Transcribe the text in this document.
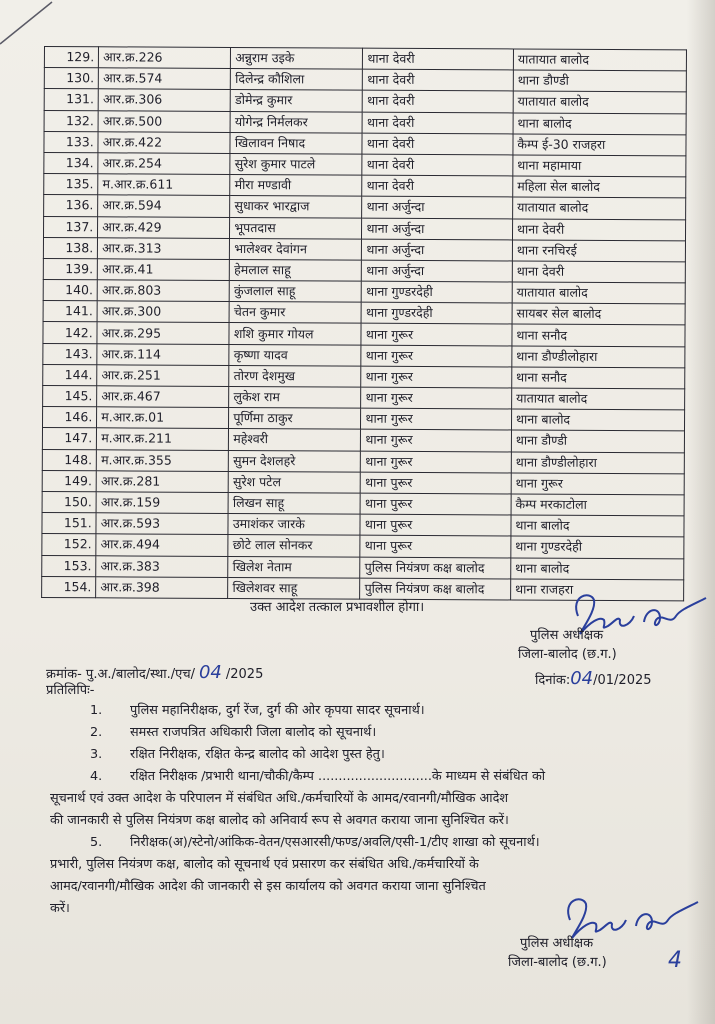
129.	आर.क्र.226	अन्नुराम उइके	थाना देवरी	यातायात बालोद
130.	आर.क्र.574	दिलेन्द्र कौशिला	थाना देवरी	थाना डौण्डी
131.	आर.क्र.306	डोमेन्द्र कुमार	थाना देवरी	यातायात बालोद
132.	आर.क्र.500	योगेन्द्र निर्मलकर	थाना देवरी	थाना बालोद
133.	आर.क्र.422	खिलावन निषाद	थाना देवरी	कैम्प ई-30 राजहरा
134.	आर.क्र.254	सुरेश कुमार पाटले	थाना देवरी	थाना महामाया
135.	म.आर.क्र.611	मीरा मण्डावी	थाना देवरी	महिला सेल बालोद
136.	आर.क्र.594	सुधाकर भारद्वाज	थाना अर्जुन्दा	यातायात बालोद
137.	आर.क्र.429	भूपतदास	थाना अर्जुन्दा	थाना देवरी
138.	आर.क्र.313	भालेश्वर देवांगन	थाना अर्जुन्दा	थाना रनचिरई
139.	आर.क्र.41	हेमलाल साहू	थाना अर्जुन्दा	थाना देवरी
140.	आर.क्र.803	कुंजलाल साहू	थाना गुण्डरदेही	यातायात बालोद
141.	आर.क्र.300	चेतन कुमार	थाना गुण्डरदेही	सायबर सेल बालोद
142.	आर.क्र.295	शशि कुमार गोयल	थाना गुरूर	थाना सनौद
143.	आर.क्र.114	कृष्णा यादव	थाना गुरूर	थाना डौण्डीलोहारा
144.	आर.क्र.251	तोरण देशमुख	थाना गुरूर	थाना सनौद
145.	आर.क्र.467	लुकेश राम	थाना गुरूर	यातायात बालोद
146.	म.आर.क्र.01	पूर्णिमा ठाकुर	थाना गुरूर	थाना बालोद
147.	म.आर.क्र.211	महेश्वरी	थाना गुरूर	थाना डौण्डी
148.	म.आर.क्र.355	सुमन देशलहरे	थाना गुरूर	थाना डौण्डीलोहारा
149.	आर.क्र.281	सुरेश पटेल	थाना पुरूर	थाना गुरूर
150.	आर.क्र.159	लिखन साहू	थाना पुरूर	कैम्प मरकाटोला
151.	आर.क्र.593	उमाशंकर जारके	थाना पुरूर	थाना बालोद
152.	आर.क्र.494	छोटे लाल सोनकर	थाना पुरूर	थाना गुण्डरदेही
153.	आर.क्र.383	खिलेश नेताम	पुलिस नियंत्रण कक्ष बालोद	थाना बालोद
154.	आर.क्र.398	खिलेशवर साहू	पुलिस नियंत्रण कक्ष बालोद	थाना राजहरा
उक्त आदेश तत्काल प्रभावशील होगा।
पुलिस अधीक्षक
जिला-बालोद (छ.ग.)
क्रमांक- पु.अ./बालोद/स्था./एच/ 04 /2025	दिनांक:04/01/2025
प्रतिलिपिः-
1.	पुलिस महानिरीक्षक, दुर्ग रेंज, दुर्ग की ओर कृपया सादर सूचनार्थ।
2.	समस्त राजपत्रित अधिकारी जिला बालोद को सूचनार्थ।
3.	रक्षित निरीक्षक, रक्षित केन्द्र बालोद को आदेश पुस्त हेतु।
4.	रक्षित निरीक्षक /प्रभारी थाना/चौकी/कैम्प ............................के माध्यम से संबंधित को
सूचनार्थ एवं उक्त आदेश के परिपालन में संबंधित अधि./कर्मचारियों के आमद/रवानगी/मौखिक आदेश
की जानकारी से पुलिस नियंत्रण कक्ष बालोद को अनिवार्य रूप से अवगत कराया जाना सुनिश्चित करें।
5.	निरीक्षक(अ)/स्टेनो/आंकिक-वेतन/एसआरसी/फण्ड/अवलि/एसी-1/टीए शाखा को सूचनार्थ।
प्रभारी, पुलिस नियंत्रण कक्ष, बालोद को सूचनार्थ एवं प्रसारण कर संबंधित अधि./कर्मचारियों के
आमद/रवानगी/मौखिक आदेश की जानकारी से इस कार्यालय को अवगत कराया जाना सुनिश्चित
करें।
पुलिस अधीक्षक
जिला-बालोद (छ.ग.)	4
